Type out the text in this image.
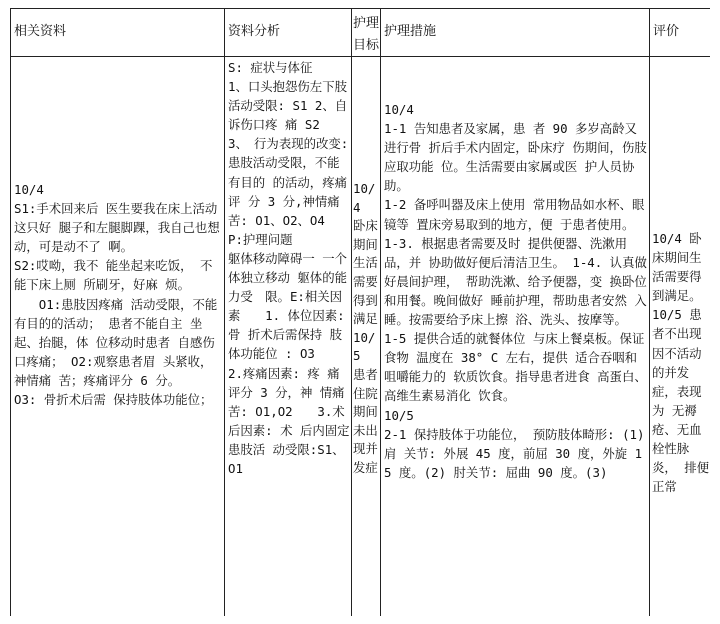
相关资料	资料分析
护理目标
护理措施	评价

10/4

S1:手术回来后 医生要我在床上活动这只好 腿子和左腿脚踝，我自己也想 动，可是动不了 啊。

S2:哎呦，我不 能坐起来吃饭， 不能下床上厕 所刷牙，好麻 烦。

　　O1:患肢因疼痛 活动受限，不能 有目的的活动； 患者不能自主 坐起、抬腿，体 位移动时患者 自感伤口疼痛； O2:观察患者眉 头紧收，神情痛 苦；疼痛评分 6 分。

O3: 骨折术后需 保持肢体功能位；

S: 症状与体征

1、口头抱怨伤左下肢活动受限: S1 2、自诉伤口疼 痛 S2

3、　行为表现的改变: 患肢活动受限，不能有目的 的活动，疼痛评 分 3 分,神情痛 苦: O1、O2、O4

P:护理问题

躯体移动障碍一 一个体独立移动 躯体的能力受　限。E:相关因素　　1. 体位因素: 骨 折术后需保持 肢体功能位 : O3　　2.疼痛因素: 疼 痛评分 3 分，神 情痛苦: O1,O2　　3.术后因素: 术 后内固定患肢活 动受限:S1、O1

10/4 卧床期间生活需要得到满足

10/5 患者住院期间未出现并发症

10/4

1-1 告知患者及家属，患 者 90 多岁高龄又进行骨 折后手术内固定，卧床疗 伤期间，伤肢应取功能 位。生活需要由家属或医 护人员协助。

1-2 备呼叫器及床上使用 常用物品如水杯、眼镜等 置床旁易取到的地方，便 于患者使用。

1-3. 根据患者需要及时 提供便器、洗漱用品，并 协助做好便后清洁卫生。 1-4. 认真做好晨间护理， 帮助洗漱、给予便器，变 换卧位和用餐。晚间做好 睡前护理，帮助患者安然 入睡。按需要给予床上擦 浴、洗头、按摩等。

1-5 提供合适的就餐体位 与床上餐桌板。保证食物 温度在 38° C 左右，提供 适合吞咽和咀嚼能力的 软质饮食。指导患者进食 高蛋白、高维生素易消化 饮食。

10/5

2-1 保持肢体于功能位， 预防肢体畸形: (1)肩 关节: 外展 45 度，前屈 30 度，外旋 15 度。(2) 肘关节: 屈曲 90 度。(3)

10/4 卧床期间生活需要得到满足。

10/5 患者不出现因不活动的并发症，表现为 无褥疮、无血 栓性脉炎， 排便正常
